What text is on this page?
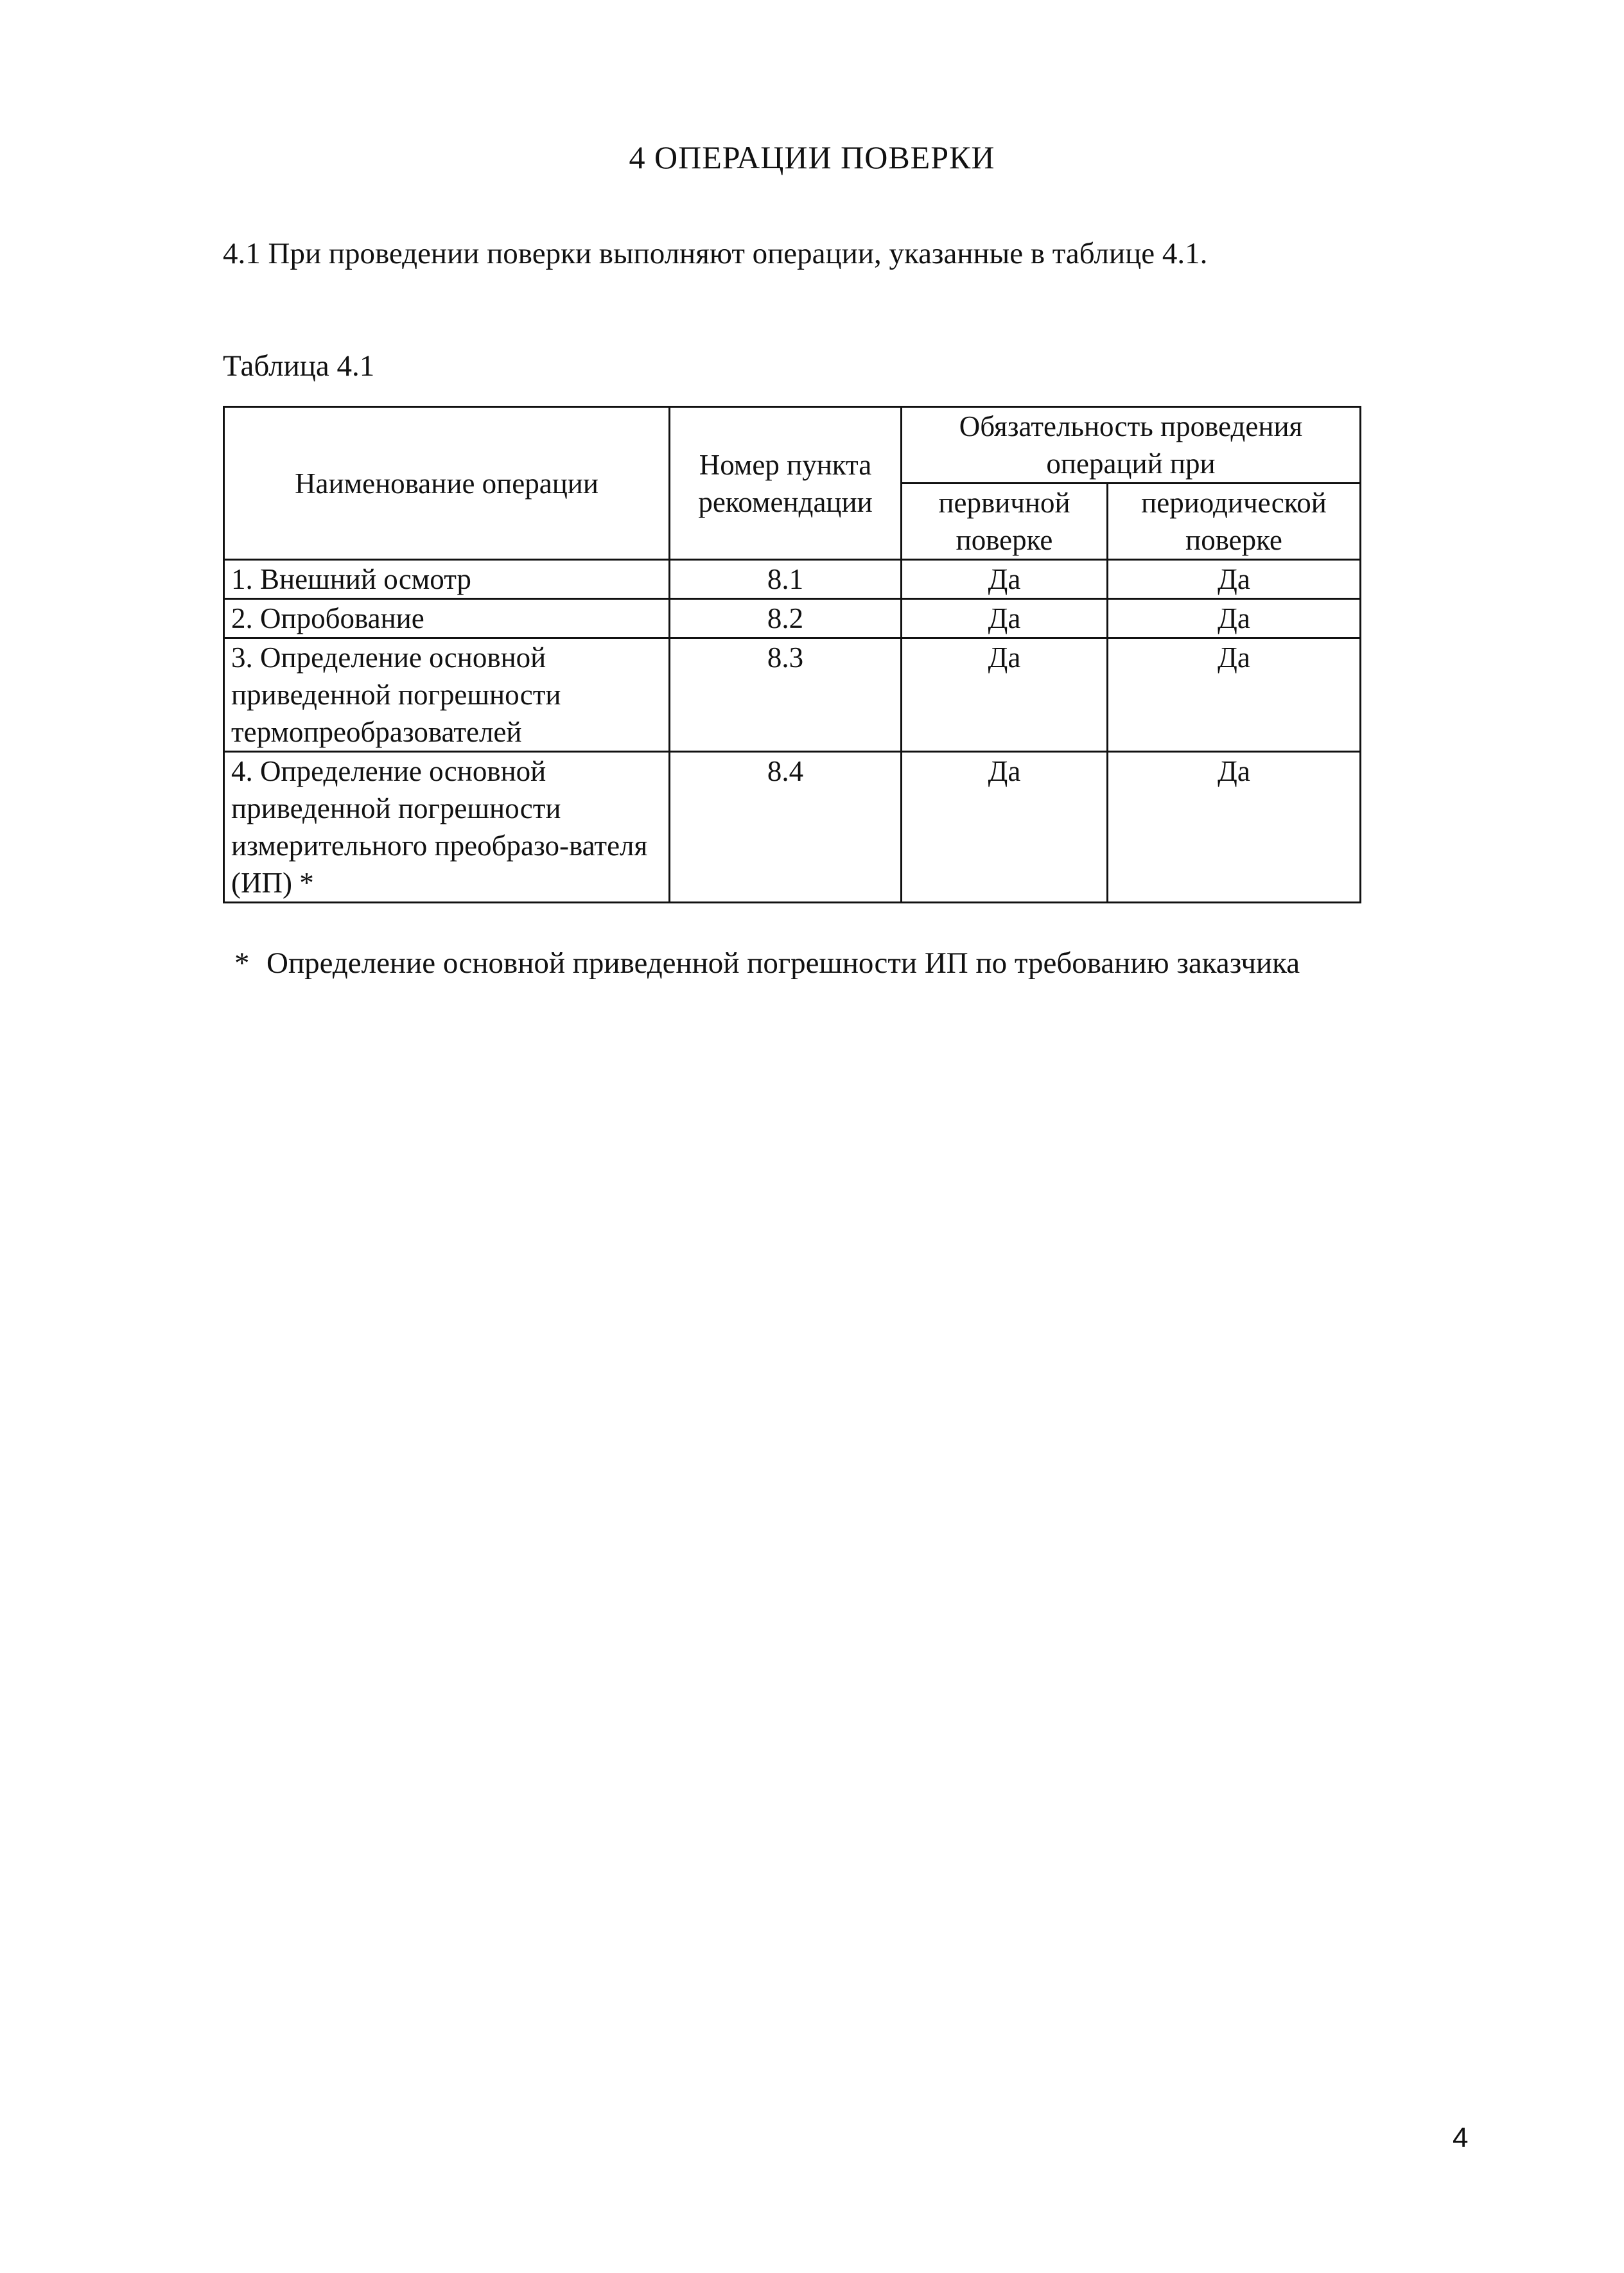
4 ОПЕРАЦИИ ПОВЕРКИ
4.1 При проведении поверки выполняют операции, указанные в таблице 4.1.
Таблица 4.1
Наименование операции	Номер пункта рекомендации	Обязательность проведения операций при	
		первичной поверке	периодической поверке
1. Внешний осмотр	8.1	Да	Да
2. Опробование	8.2	Да	Да
3. Определение основной приведенной погрешности термопреобразователей	8.3	Да	Да
4. Определение основной приведенной погрешности измерительного преобразо-вателя (ИП) *	8.4	Да	Да
* Определение основной приведенной погрешности ИП по требованию заказчика
4
